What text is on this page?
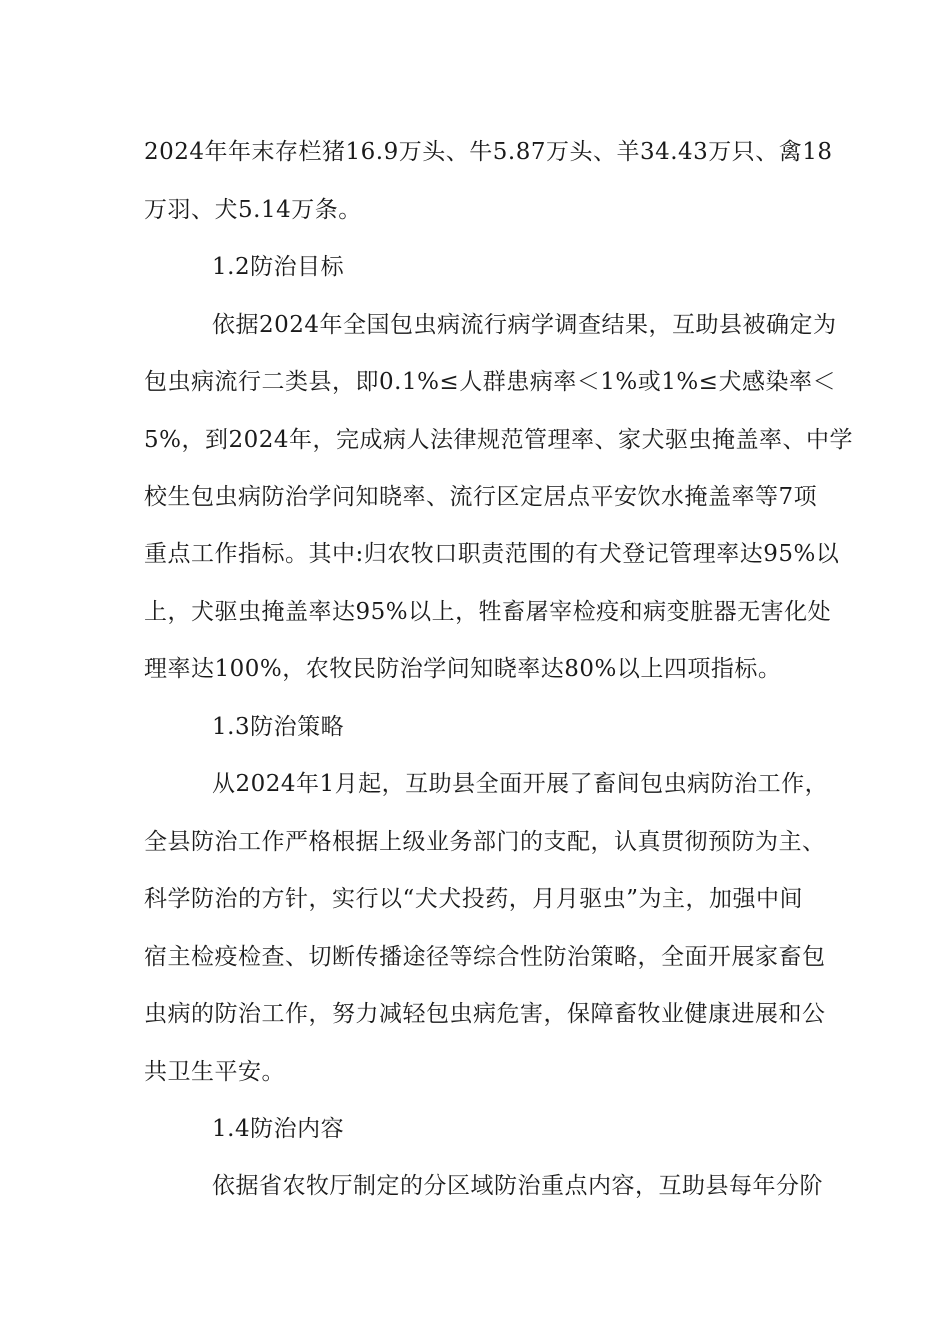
2024年年末存栏猪16.9万头、牛5.87万头、羊34.43万只、禽18
万羽、犬5.14万条。
1.2防治目标
依据2024年全国包虫病流行病学调查结果，互助县被确定为
包虫病流行二类县，即0.1%≤人群患病率＜1%或1%≤犬感染率＜
5%，到2024年，完成病人法律规范管理率、家犬驱虫掩盖率、中学
校生包虫病防治学问知晓率、流行区定居点平安饮水掩盖率等7项
重点工作指标。其中:归农牧口职责范围的有犬登记管理率达95%以
上，犬驱虫掩盖率达95%以上，牲畜屠宰检疫和病变脏器无害化处
理率达100%，农牧民防治学问知晓率达80%以上四项指标。
1.3防治策略
从2024年1月起，互助县全面开展了畜间包虫病防治工作，
全县防治工作严格根据上级业务部门的支配，认真贯彻预防为主、
科学防治的方针，实行以“犬犬投药，月月驱虫”为主，加强中间
宿主检疫检查、切断传播途径等综合性防治策略，全面开展家畜包
虫病的防治工作，努力减轻包虫病危害，保障畜牧业健康进展和公
共卫生平安。
1.4防治内容
依据省农牧厅制定的分区域防治重点内容，互助县每年分阶
